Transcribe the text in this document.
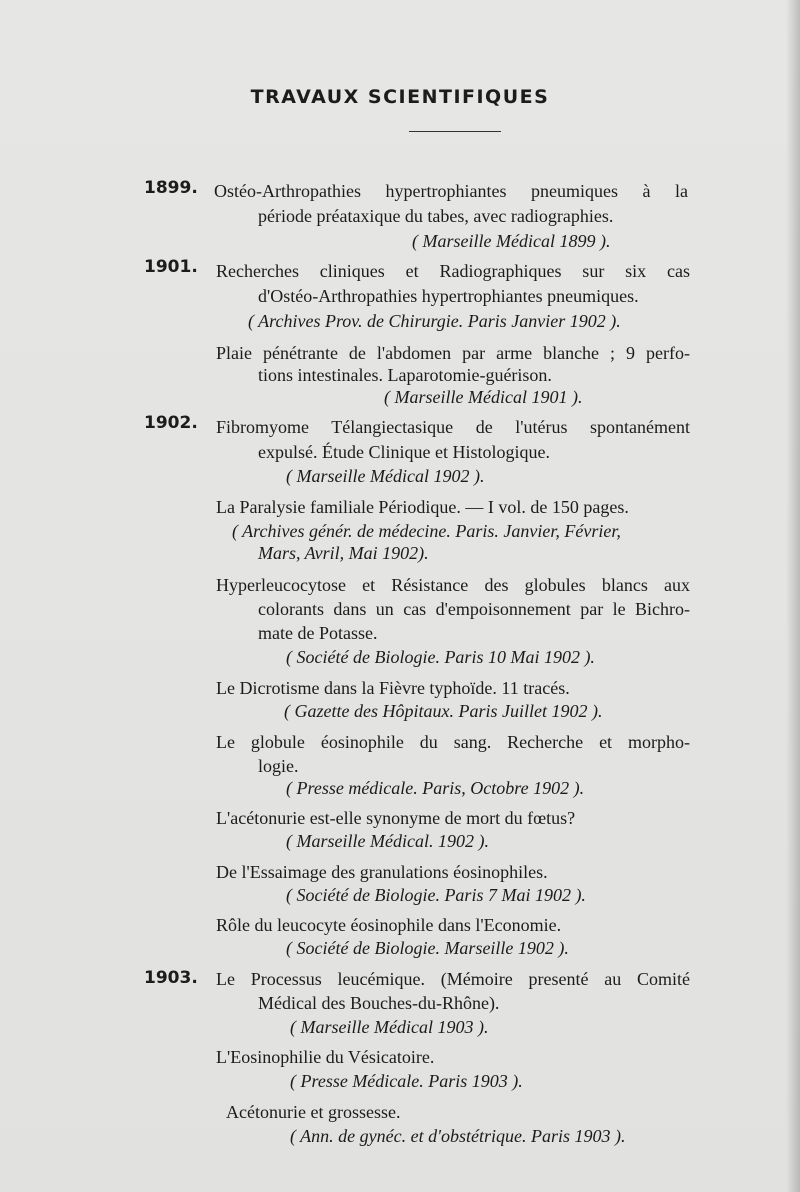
TRAVAUX SCIENTIFIQUES
1899. Ostéo-Arthropathies hypertrophiantes pneumiques à la
période préataxique du tabes, avec radiographies.
( Marseille Médical 1899 ).
1901. Recherches cliniques et Radiographiques sur six cas
d'Ostéo-Arthropathies hypertrophiantes pneumiques.
( Archives Prov. de Chirurgie. Paris Janvier 1902 ).
Plaie pénétrante de l'abdomen par arme blanche ; 9 perfo-
tions intestinales. Laparotomie-guérison.
( Marseille Médical 1901 ).
1902. Fibromyome Télangiectasique de l'utérus spontanément
expulsé. Étude Clinique et Histologique.
( Marseille Médical 1902 ).
La Paralysie familiale Périodique. — I vol. de 150 pages.
( Archives génér. de médecine. Paris. Janvier, Février,
Mars, Avril, Mai 1902).
Hyperleucocytose et Résistance des globules blancs aux
colorants dans un cas d'empoisonnement par le Bichro-
mate de Potasse.
( Société de Biologie. Paris 10 Mai 1902 ).
Le Dicrotisme dans la Fièvre typhoïde. 11 tracés.
( Gazette des Hôpitaux. Paris Juillet 1902 ).
Le globule éosinophile du sang. Recherche et morpho-
logie.
( Presse médicale. Paris, Octobre 1902 ).
L'acétonurie est-elle synonyme de mort du fœtus?
( Marseille Médical. 1902 ).
De l'Essaimage des granulations éosinophiles.
( Société de Biologie. Paris 7 Mai 1902 ).
Rôle du leucocyte éosinophile dans l'Economie.
( Société de Biologie. Marseille 1902 ).
1903. Le Processus leucémique. (Mémoire presenté au Comité
Médical des Bouches-du-Rhône).
( Marseille Médical 1903 ).
L'Eosinophilie du Vésicatoire.
( Presse Médicale. Paris 1903 ).
Acétonurie et grossesse.
( Ann. de gynéc. et d'obstétrique. Paris 1903 ).
